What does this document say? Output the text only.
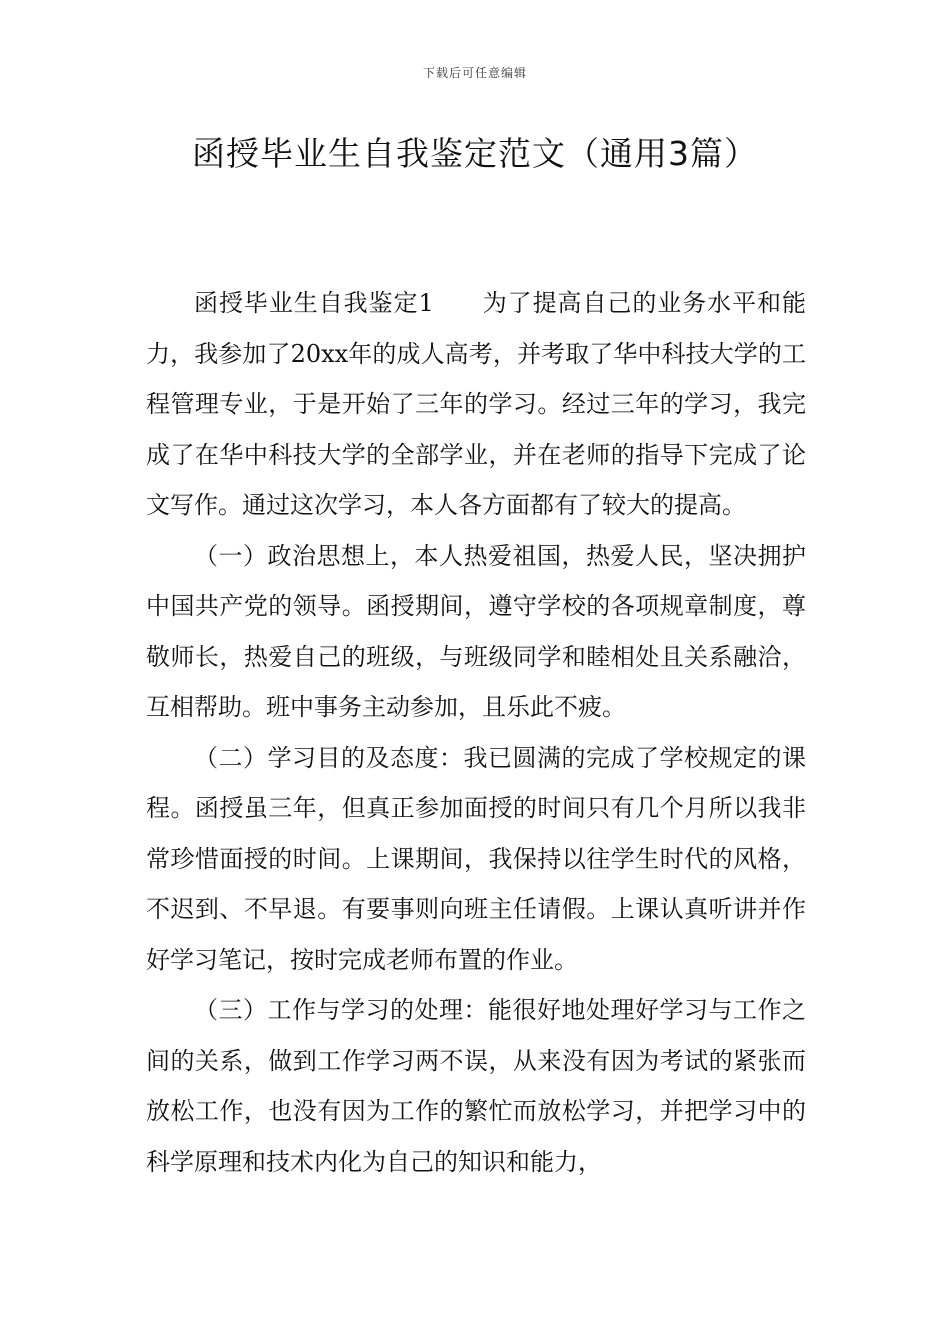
下载后可任意编辑
函授毕业生自我鉴定范文（通用3篇）

函授毕业生自我鉴定1 为了提高自己的业务水平和能力，我参加了20xx年的成人高考，并考取了华中科技大学的工程管理专业，于是开始了三年的学习。经过三年的学习，我完成了在华中科技大学的全部学业，并在老师的指导下完成了论文写作。通过这次学习，本人各方面都有了较大的提高。

（一）政治思想上，本人热爱祖国，热爱人民，坚决拥护中国共产党的领导。函授期间，遵守学校的各项规章制度，尊敬师长，热爱自己的班级，与班级同学和睦相处且关系融洽，互相帮助。班中事务主动参加，且乐此不疲。

（二）学习目的及态度：我已圆满的完成了学校规定的课程。函授虽三年，但真正参加面授的时间只有几个月所以我非常珍惜面授的时间。上课期间，我保持以往学生时代的风格，不迟到、不早退。有要事则向班主任请假。上课认真听讲并作好学习笔记，按时完成老师布置的作业。

（三）工作与学习的处理：能很好地处理好学习与工作之间的关系，做到工作学习两不误，从来没有因为考试的紧张而放松工作，也没有因为工作的繁忙而放松学习，并把学习中的科学原理和技术内化为自己的知识和能力，
